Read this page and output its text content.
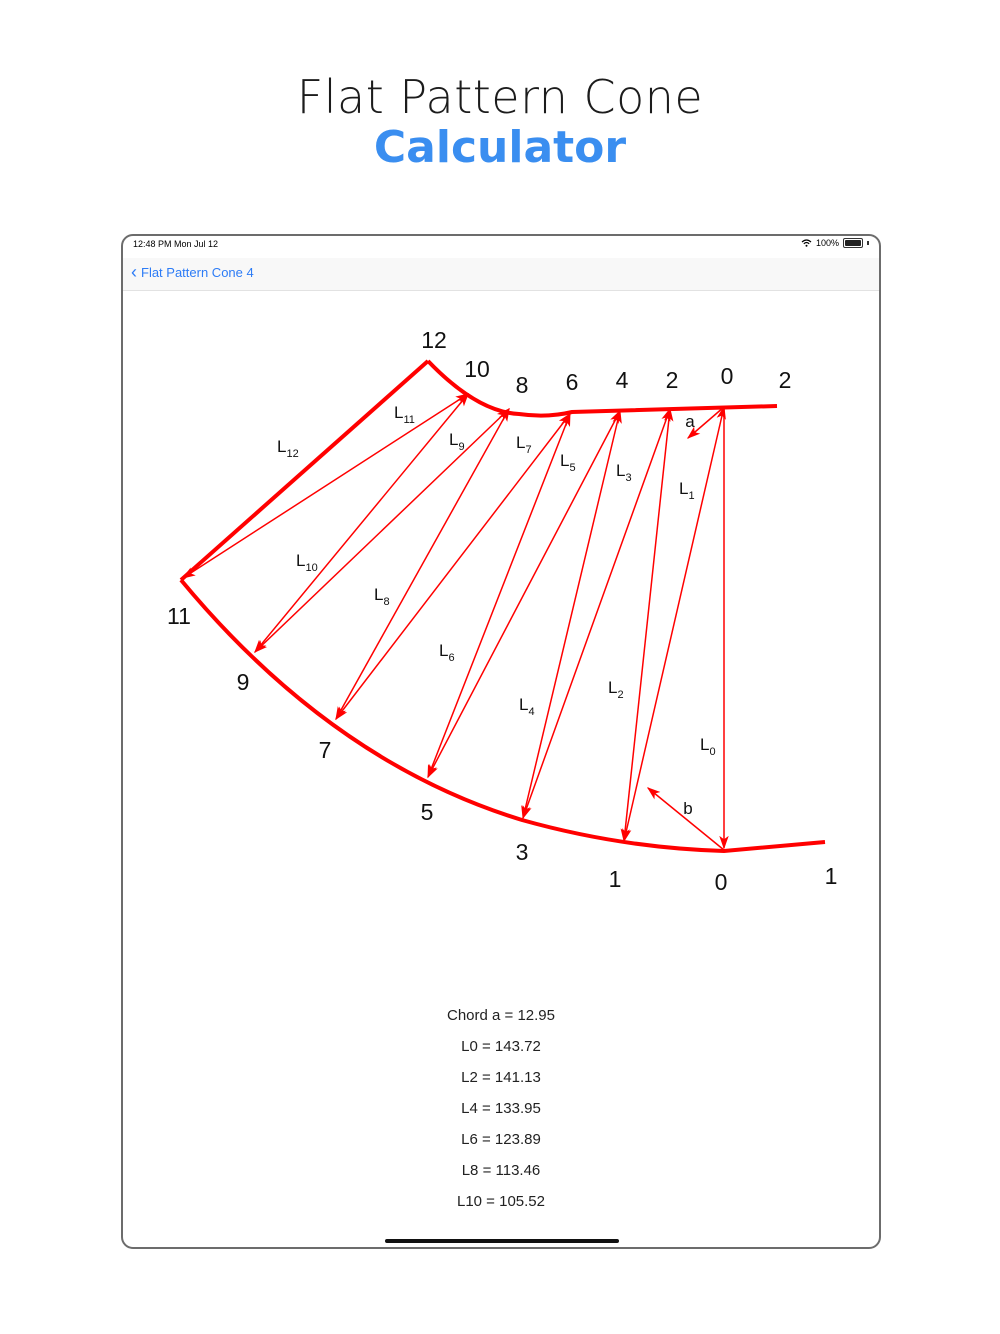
Flat Pattern Cone
Calculator
12:48 PM Mon Jul 12	100%
‹ Flat Pattern Cone 4
12
10
8 6 4 2 0 2
11
9
7
5
3
1	0	1
$L_0$
$L_1$
$L_2$
$L_3$
$L_4$
$L_5$
$L_6$
$L_7$
$L_8$
$L_9$
$L_{10}$
$L_{11}$
$L_{12}$
a
b
Chord a = 12.95
L0 = 143.72
L2 = 141.13
L4 = 133.95
L6 = 123.89
L8 = 113.46
L10 = 105.52
